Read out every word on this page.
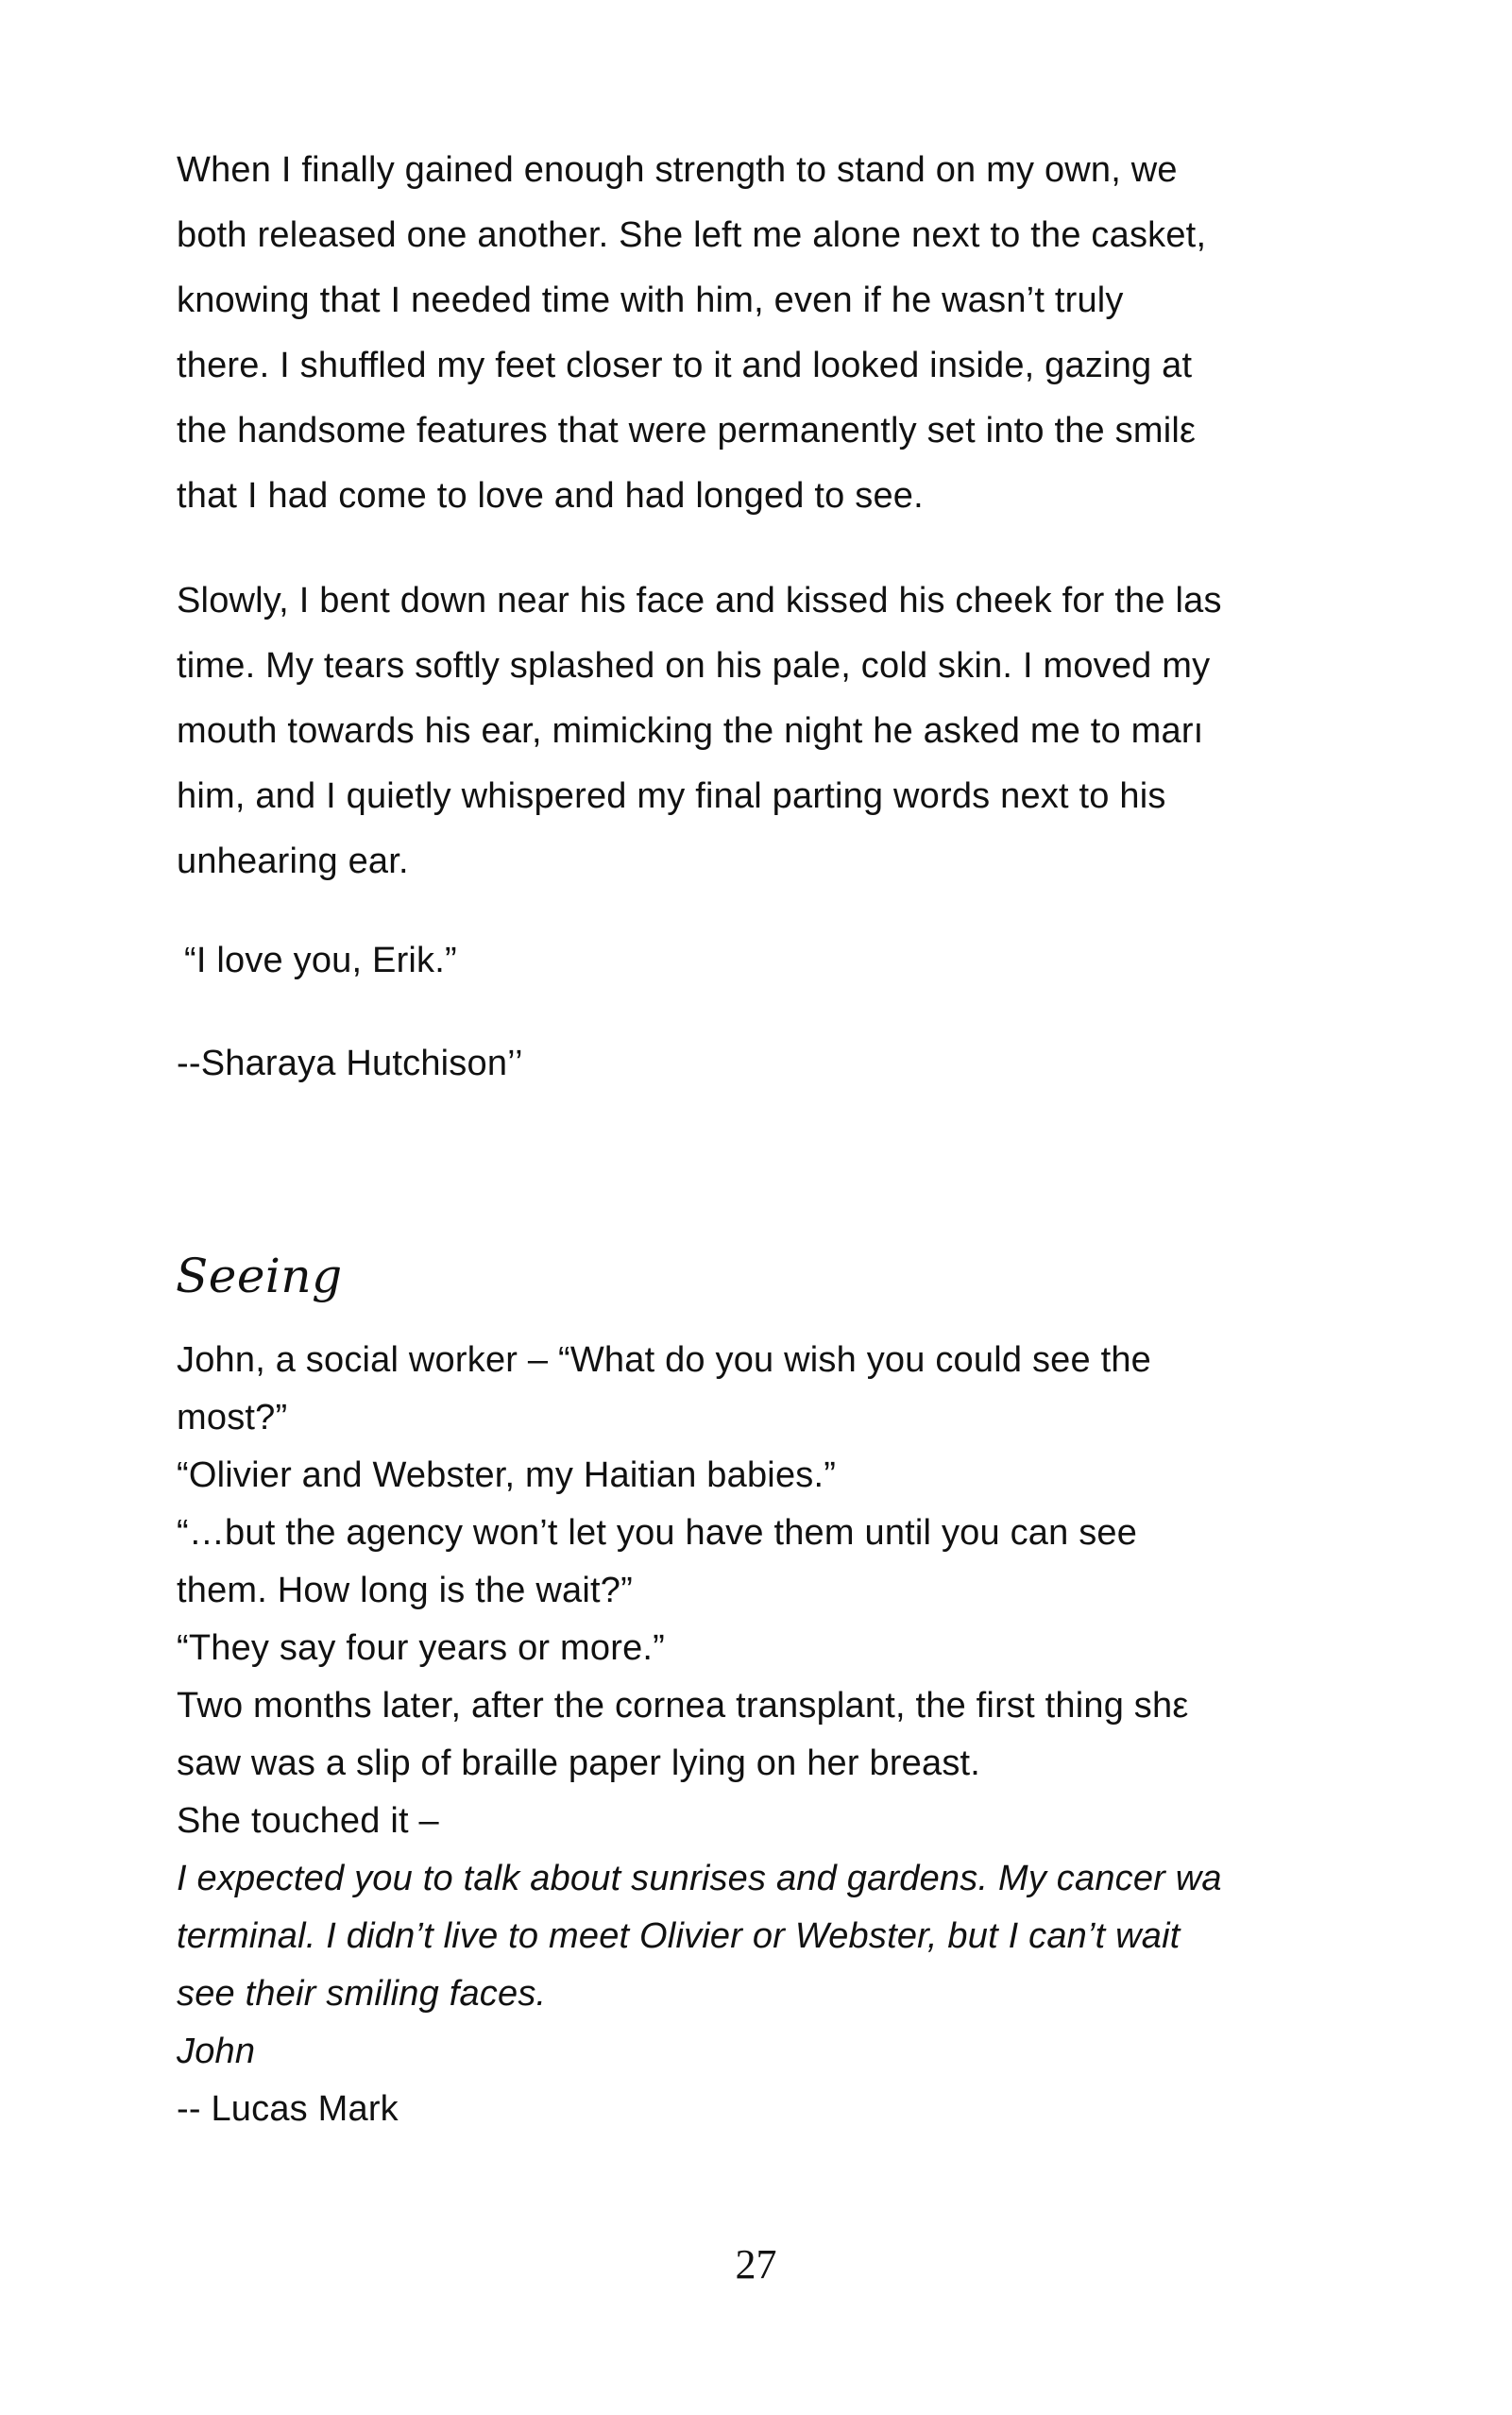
When I finally gained enough strength to stand on my own, we
both released one another. She left me alone next to the casket,
knowing that I needed time with him, even if he wasn’t truly
there. I shuffled my feet closer to it and looked inside, gazing at
the handsome features that were permanently set into the smilε
that I had come to love and had longed to see.
Slowly, I bent down near his face and kissed his cheek for the las
time. My tears softly splashed on his pale, cold skin. I moved my
mouth towards his ear, mimicking the night he asked me to marı
him, and I quietly whispered my final parting words next to his
unhearing ear.
“I love you, Erik.”
--Sharaya Hutchison’’
Seeing
John, a social worker – “What do you wish you could see the
most?”
“Olivier and Webster, my Haitian babies.”
“…but the agency won’t let you have them until you can see
them. How long is the wait?”
“They say four years or more.”
Two months later, after the cornea transplant, the first thing shε
saw was a slip of braille paper lying on her breast.
She touched it –
I expected you to talk about sunrises and gardens. My cancer wa
terminal. I didn’t live to meet Olivier or Webster, but I can’t wait
see their smiling faces.
John
-- Lucas Mark
27
